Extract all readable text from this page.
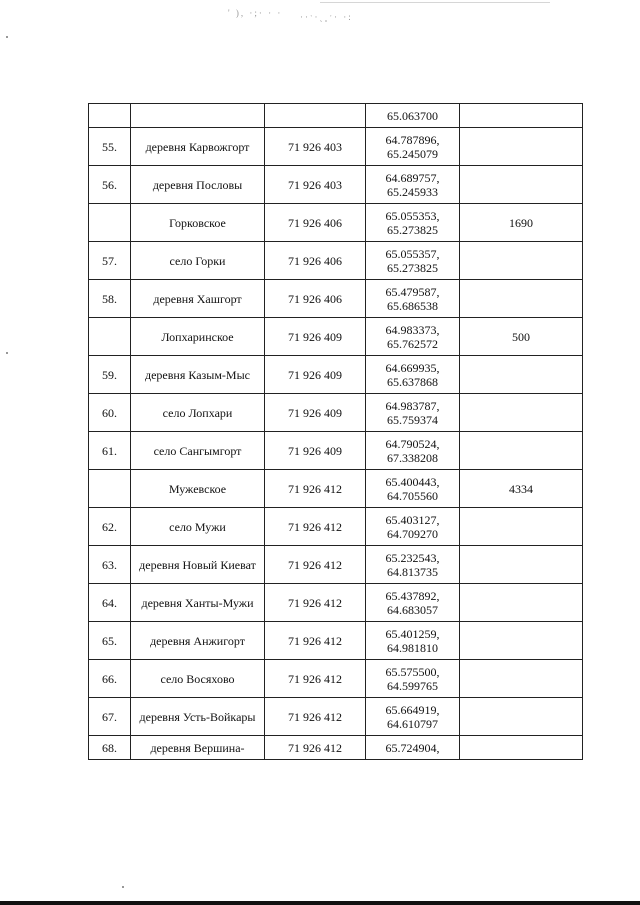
' ), ·;· · · ··ˑ·ˎ˳ˑ· ·:
			65.063700	
55.	деревня Карвожгорт	71 926 403	64.787896,
65.245079	
56.	деревня Пословы	71 926 403	64.689757,
65.245933	
	Горковское	71 926 406	65.055353,
65.273825	1690
57.	село Горки	71 926 406	65.055357,
65.273825	
58.	деревня Хашгорт	71 926 406	65.479587,
65.686538	
	Лопхаринское	71 926 409	64.983373,
65.762572	500
59.	деревня Казым-Мыс	71 926 409	64.669935,
65.637868	
60.	село Лопхари	71 926 409	64.983787,
65.759374	
61.	село Сангымгорт	71 926 409	64.790524,
67.338208	
	Мужевское	71 926 412	65.400443,
64.705560	4334
62.	село Мужи	71 926 412	65.403127,
64.709270	
63.	деревня Новый Киеват	71 926 412	65.232543,
64.813735	
64.	деревня Ханты-Мужи	71 926 412	65.437892,
64.683057	
65.	деревня Анжигорт	71 926 412	65.401259,
64.981810	
66.	село Восяхово	71 926 412	65.575500,
64.599765	
67.	деревня Усть-Войкары	71 926 412	65.664919,
64.610797	
68.	деревня Вершина-	71 926 412	65.724904,	
